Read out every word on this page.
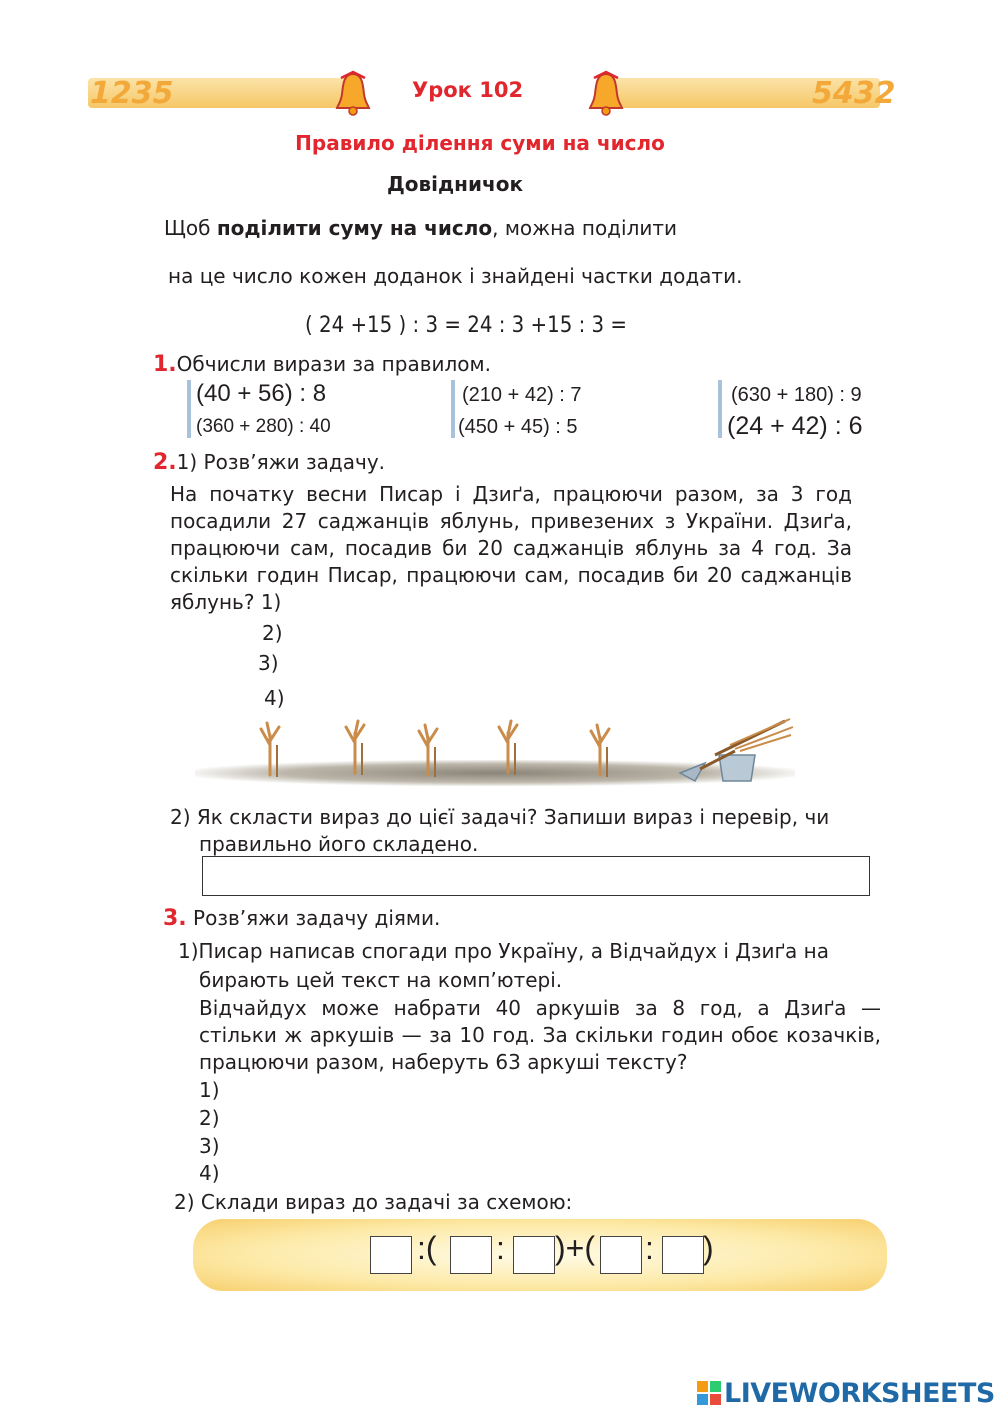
1235	5432
Урок 102
Правило ділення суми на число
Довідничок
Щоб поділити суму на число, можна поділити
на це число кожен доданок і знайдені частки додати.
( 24 +15 ) : 3 = 24 : 3 +15 : 3 =
1.Обчисли вирази за правилом.
(40 + 56) : 8
(360 + 280) : 40
(210 + 42) : 7
(450 + 45) : 5
(630 + 180) : 9
(24 + 42) : 6
2.1) Розв’яжи задачу.
На початку весни Писар і Дзиґа, працюючи разом, за 3 год посадили 27 саджанців яблунь, привезених з України. Дзиґа, працюючи сам, посадив би 20 саджанців яблунь за 4 год. За скільки годин Писар, працюючи сам, посадив би 20 саджанців яблунь? 1)
2)
3)
4)
2) Як скласти вираз до цієї задачі? Запиши вираз і перевір, чи
правильно його складено.
3. Розв’яжи задачу діями.
1)Писар написав спогади про Україну, а Відчайдух і Дзиґа на
бирають цей текст на комп’ютері.
Відчайдух може набрати 40 аркушів за 8 год, а Дзиґа — стільки ж аркушів — за 10 год. За скільки годин обоє козачків, працюючи разом, наберуть 63 аркуші тексту?
1)
2)
3)
4)
2) Склади вираз до задачі за схемою:
:( : )+( : )
LIVEWORKSHEETS
